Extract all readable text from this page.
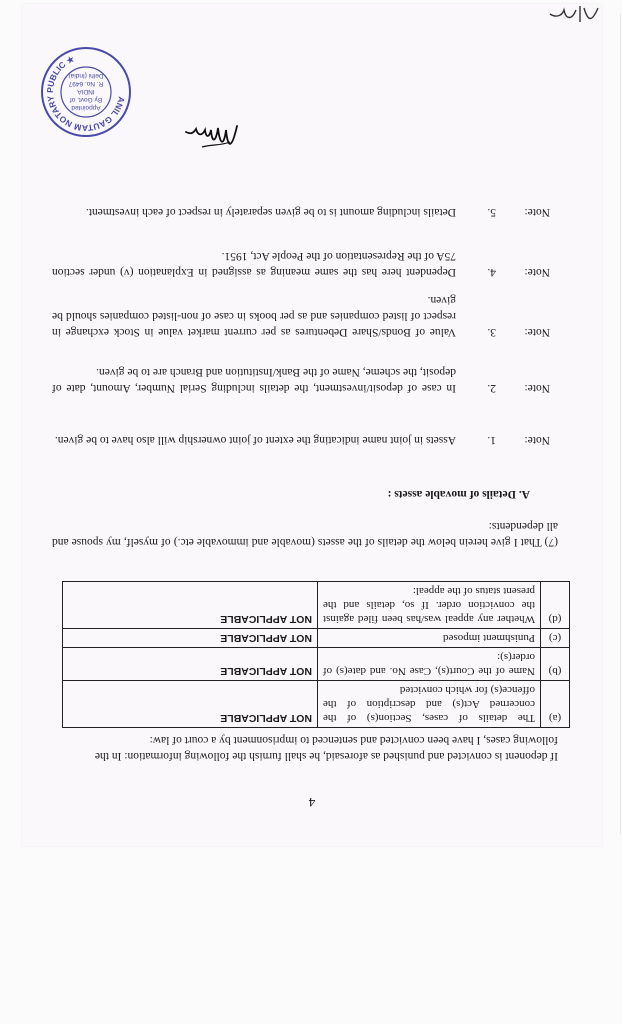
4
If deponent is convicted and punished as aforesaid, he shall furnish the following information: In the following cases, I have been convicted and sentenced to imprisonment by a court of law:
(a)	The details of cases, Section(s) of the concerned Act(s) and description of the offence(s) for which convicted	NOT APPLICABLE
(b)	Name of the Court(s), Case No. and date(s) of order(s):	NOT APPLICABLE
(c)	Punishment imposed	NOT APPLICABLE
(d)	Whether any appeal was/has been filed against the conviction order. If so, details and the present status of the appeal:	NOT APPLICABLE
(7) That I give herein below the details of the assets (movable and immovable etc.) of myself, my spouse and all dependents:
A. Details of movable assets :
Note:
1.
Assets in joint name indicating the extent of joint ownership will also have to be given.
Note:
2.
In case of deposit/investment, the details including Serial Number, Amount, date of deposit, the scheme, Name of the Bank/Institution and Branch are to be given.
Note:
3.
Value of Bonds/Share Debentures as per current market value in Stock exchange in respect of listed companies and as per books in case of non-listed companies should be given.
Note:
4.
Dependent here has the same meaning as assigned in Explanation (v) under section 75A of the Representation of the People Act, 1951.
Note:
5.
Details including amount is to be given separately in respect of each investment.
ANIL GAUTAM NOTARY PUBLIC ★
Appointed
By Govt. of
INDIA
R. No. 6497
Delhi (India)
